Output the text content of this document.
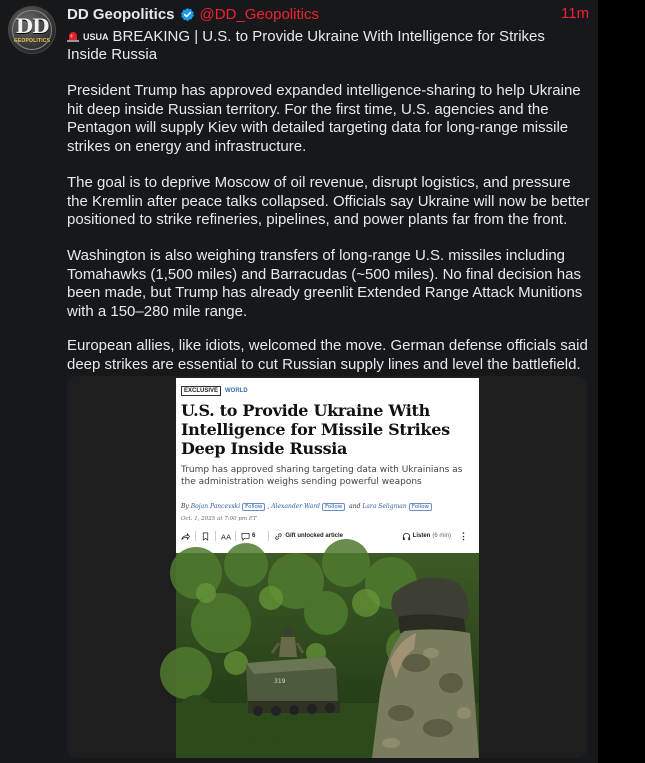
DD
GEOPOLITICS
DD Geopolitics @DD_Geopolitics	11m
USUA BREAKING | U.S. to Provide Ukraine With Intelligence for Strikes Inside Russia

President Trump has approved expanded intelligence-sharing to help Ukraine hit deep inside Russian territory. For the first time, U.S. agencies and the Pentagon will supply Kiev with detailed targeting data for long-range missile strikes on energy and infrastructure.

The goal is to deprive Moscow of oil revenue, disrupt logistics, and pressure the Kremlin after peace talks collapsed. Officials say Ukraine will now be better positioned to strike refineries, pipelines, and power plants far from the front.

Washington is also weighing transfers of long-range U.S. missiles including Tomahawks (1,500 miles) and Barracudas (~500 miles). No final decision has been made, but Trump has already greenlit Extended Range Attack Munitions with a 150–280 mile range.

European allies, like idiots, welcomed the move. German defense officials said deep strikes are essential to cut Russian supply lines and level the battlefield.

EXCLUSIVE	WORLD
U.S. to Provide Ukraine With Intelligence for Missile Strikes Deep Inside Russia
Trump has approved sharing targeting data with Ukrainians as the administration weighs sending powerful weapons
By Bojan Pancevski Follow , Alexander Ward Follow and Lara Seligman Follow
Oct. 1, 2025 at 7:00 pm ET
AA	6	Gift unlocked article	Listen (6 min) ⋮
319
